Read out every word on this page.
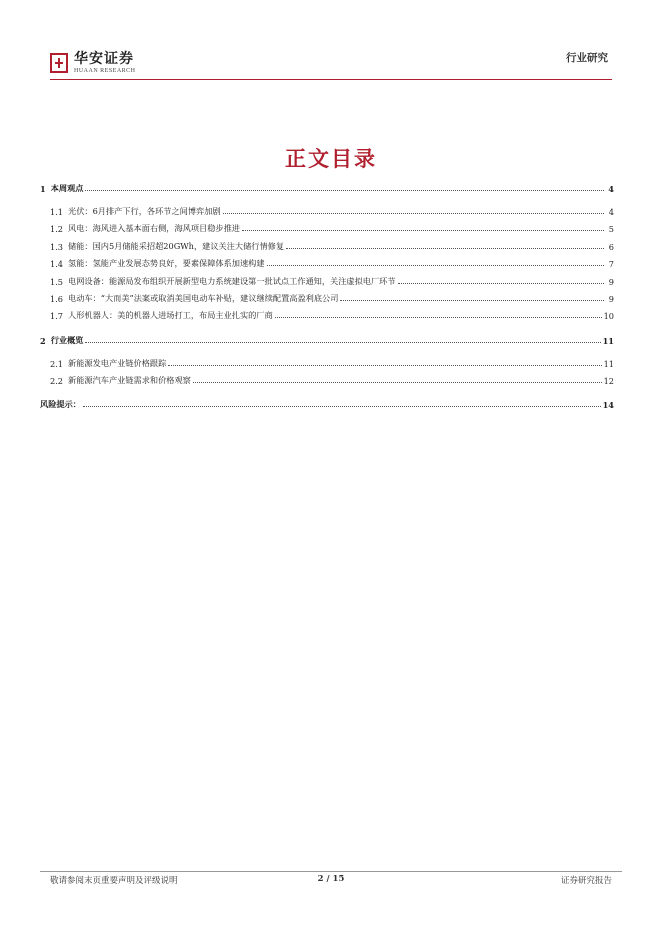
华安证券
HUAAN RESEARCH
行业研究
正文目录
1 本周观点	4
1.1 光伏：6月排产下行，各环节之间博弈加剧	4
1.2 风电：海风进入基本面右侧，海风项目稳步推进	5
1.3 储能：国内5月储能采招超20GWh，建议关注大储行情修复	6
1.4 氢能：氢能产业发展态势良好，要素保障体系加速构建	7
1.5 电网设备：能源局发布组织开展新型电力系统建设第一批试点工作通知，关注虚拟电厂环节	9
1.6 电动车：“大而美”法案或取消美国电动车补贴，建议继续配置高盈利底公司	9
1.7 人形机器人：美的机器人进场打工，布局主业扎实的厂商	10
2 行业概览	11
2.1 新能源发电产业链价格跟踪	11
2.2 新能源汽车产业链需求和价格观察	12
风险提示：	14
敬请参阅末页重要声明及评级说明	2 / 15	证券研究报告
